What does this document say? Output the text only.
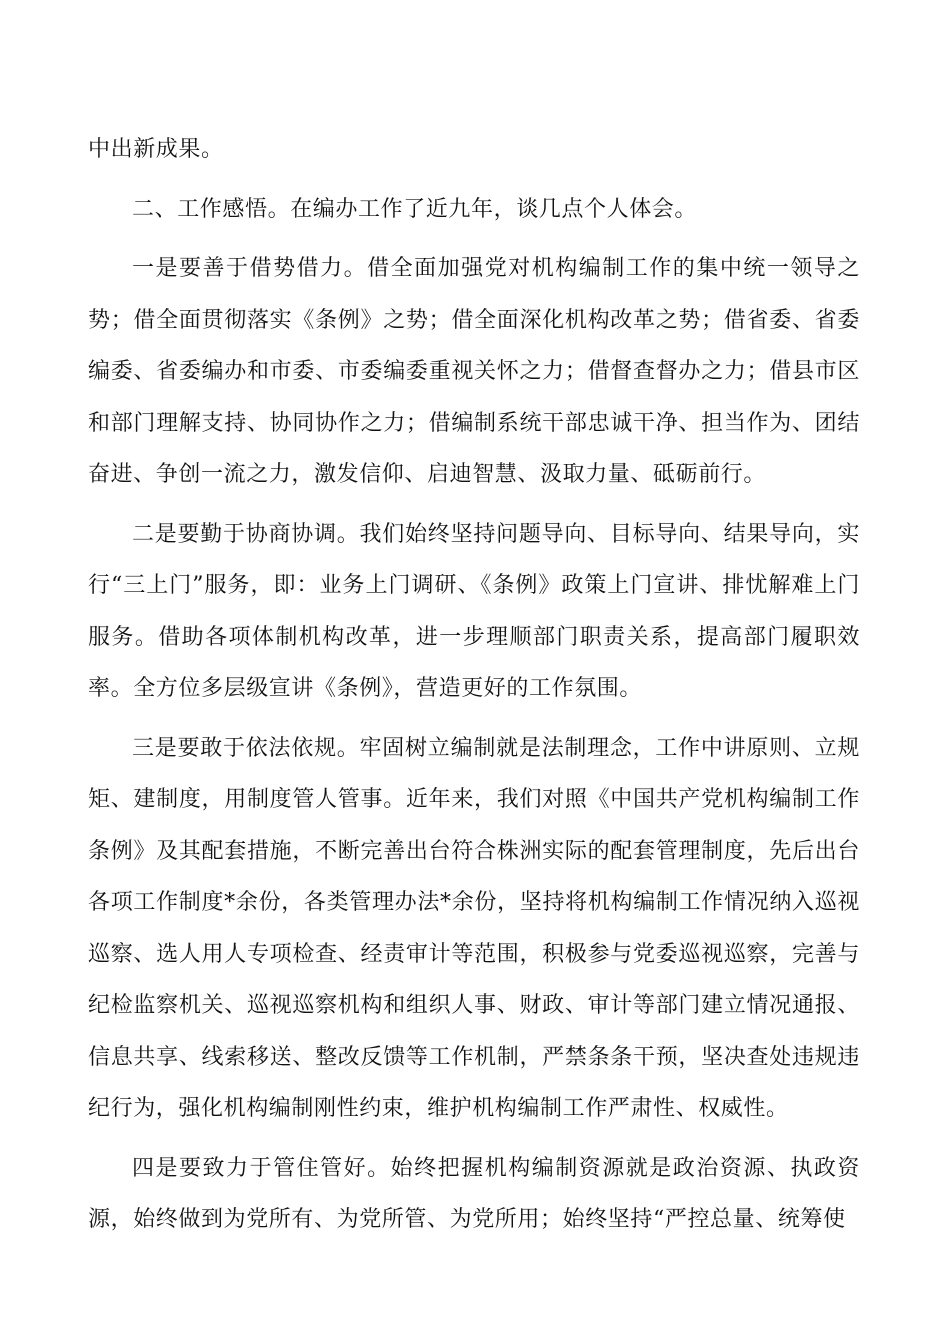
中出新成果。

二、工作感悟。在编办工作了近九年，谈几点个人体会。

一是要善于借势借力。借全面加强党对机构编制工作的集中统一领导之势；借全面贯彻落实《条例》之势；借全面深化机构改革之势；借省委、省委编委、省委编办和市委、市委编委重视关怀之力；借督查督办之力；借县市区和部门理解支持、协同协作之力；借编制系统干部忠诚干净、担当作为、团结奋进、争创一流之力，激发信仰、启迪智慧、汲取力量、砥砺前行。

二是要勤于协商协调。我们始终坚持问题导向、目标导向、结果导向，实行“三上门”服务，即：业务上门调研、《条例》政策上门宣讲、排忧解难上门服务。借助各项体制机构改革，进一步理顺部门职责关系，提高部门履职效率。全方位多层级宣讲《条例》，营造更好的工作氛围。

三是要敢于依法依规。牢固树立编制就是法制理念，工作中讲原则、立规矩、建制度，用制度管人管事。近年来，我们对照《中国共产党机构编制工作条例》及其配套措施，不断完善出台符合株洲实际的配套管理制度，先后出台各项工作制度*余份，各类管理办法*余份，坚持将机构编制工作情况纳入巡视巡察、选人用人专项检查、经责审计等范围，积极参与党委巡视巡察，完善与纪检监察机关、巡视巡察机构和组织人事、财政、审计等部门建立情况通报、信息共享、线索移送、整改反馈等工作机制，严禁条条干预，坚决查处违规违纪行为，强化机构编制刚性约束，维护机构编制工作严肃性、权威性。

四是要致力于管住管好。始终把握机构编制资源就是政治资源、执政资源，始终做到为党所有、为党所管、为党所用；始终坚持“严控总量、统筹使
